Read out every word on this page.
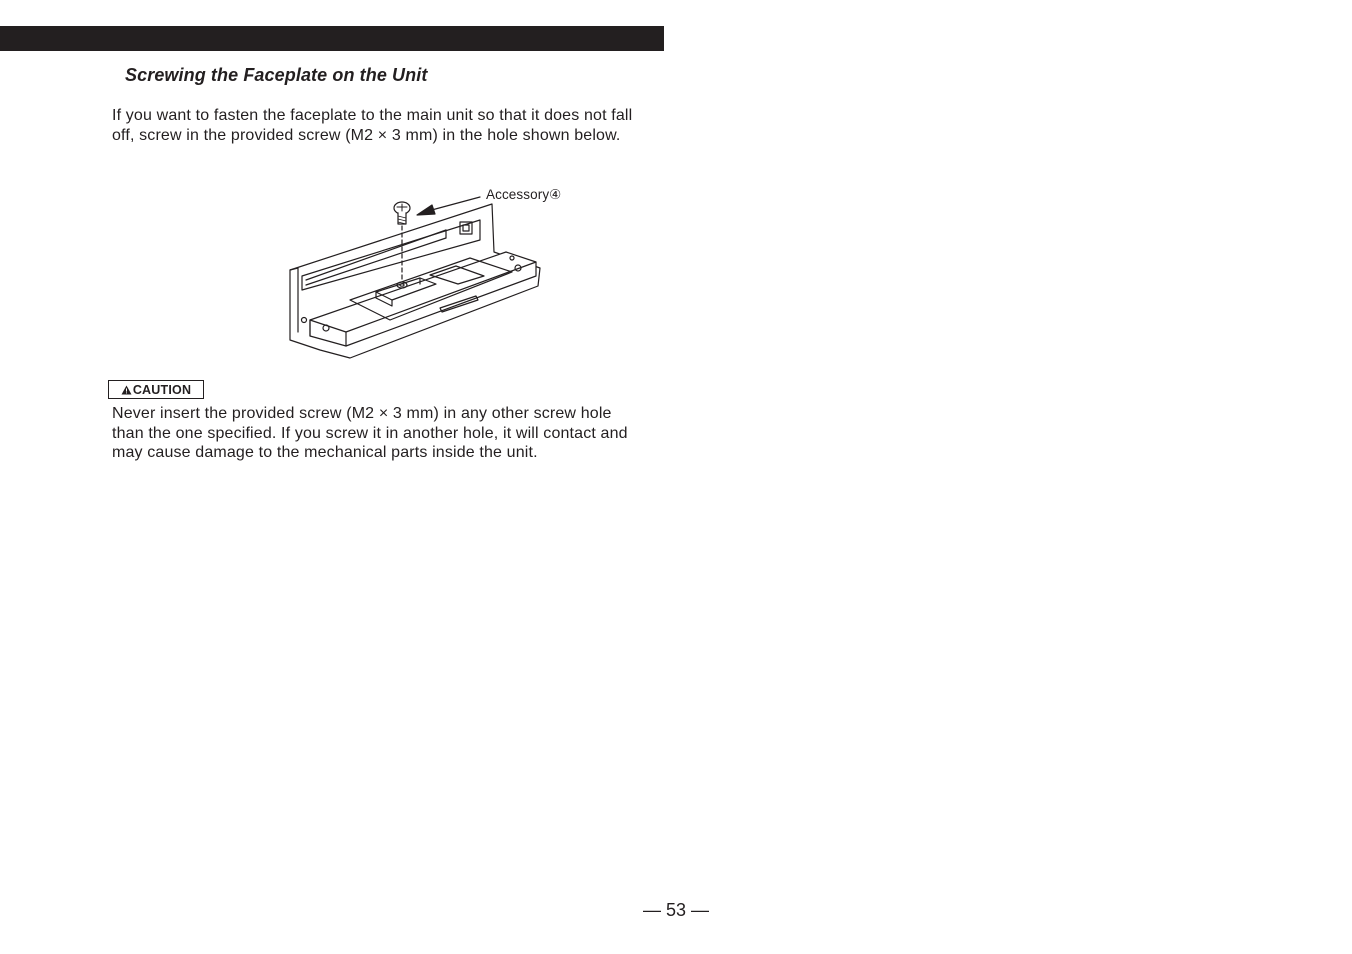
Screwing the Faceplate on the Unit

If you want to fasten the faceplate to the main unit so that it does not fall off, screw in the provided screw (M2 × 3 mm) in the hole shown below.

Accessory④
CAUTION

Never insert the provided screw (M2 × 3 mm) in any other screw hole than the one specified. If you screw it in another hole, it will contact and may cause damage to the mechanical parts inside the unit.

— 53 —
